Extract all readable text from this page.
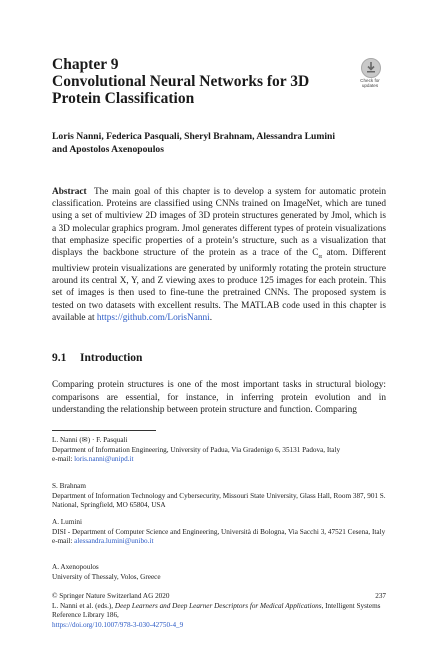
Chapter 9
Convolutional Neural Networks for 3D Protein Classification
Check for
updates
Loris Nanni, Federica Pasquali, Sheryl Brahnam, Alessandra Lumini
and Apostolos Axenopoulos
Abstract The main goal of this chapter is to develop a system for automatic protein classification. Proteins are classified using CNNs trained on ImageNet, which are tuned using a set of multiview 2D images of 3D protein structures generated by Jmol, which is a 3D molecular graphics program. Jmol generates different types of protein visualizations that emphasize specific properties of a protein’s structure, such as a visualization that displays the backbone structure of the protein as a trace of the $C_\alpha$ atom. Different multiview protein visualizations are generated by uniformly rotating the protein structure around its central X, Y, and Z viewing axes to produce 125 images for each protein. This set of images is then used to fine-tune the pretrained CNNs. The proposed system is tested on two datasets with excellent results. The MATLAB code used in this chapter is available at https://github.com/LorisNanni.
9.1 Introduction
Comparing protein structures is one of the most important tasks in structural biology: comparisons are essential, for instance, in inferring protein evolution and in understanding the relationship between protein structure and function. Comparing
L. Nanni (✉) · F. Pasquali
Department of Information Engineering, University of Padua, Via Gradenigo 6, 35131 Padova, Italy
e-mail: loris.nanni@unipd.it
S. Brahnam
Department of Information Technology and Cybersecurity, Missouri State University, Glass Hall, Room 387, 901 S. National, Springfield, MO 65804, USA
A. Lumini
DISI - Department of Computer Science and Engineering, Università di Bologna, Via Sacchi 3, 47521 Cesena, Italy
e-mail: alessandra.lumini@unibo.it
A. Axenopoulos
University of Thessaly, Volos, Greece
© Springer Nature Switzerland AG 2020
L. Nanni et al. (eds.), Deep Learners and Deep Learner Descriptors for Medical Applications, Intelligent Systems Reference Library 186,
https://doi.org/10.1007/978-3-030-42750-4_9
237
